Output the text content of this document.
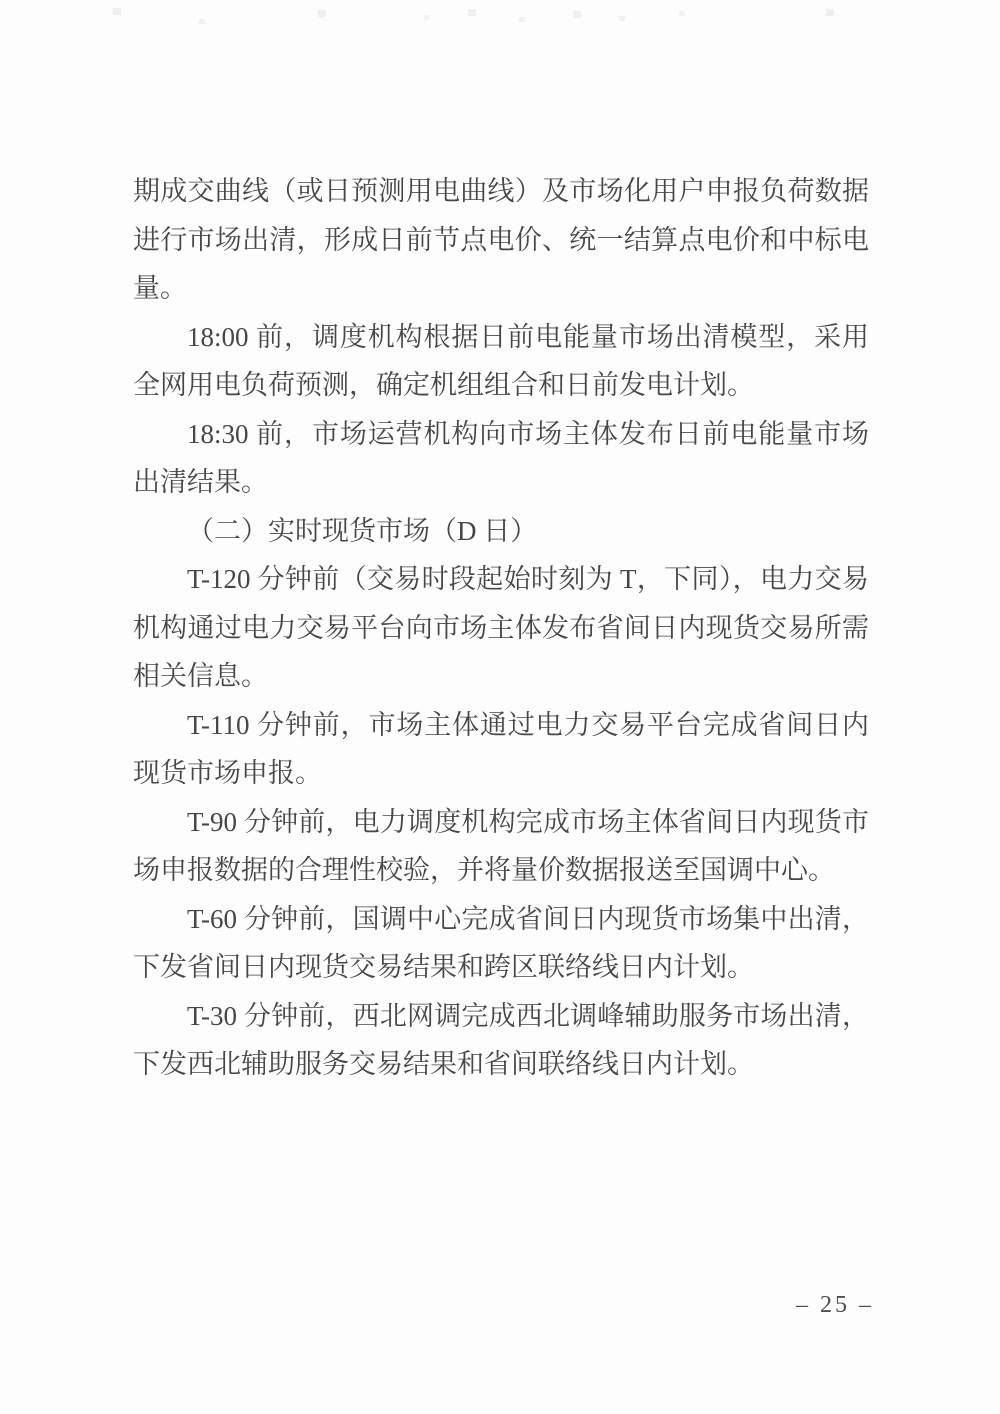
期成交曲线（或日预测用电曲线）及市场化用户申报负荷数据进行市场出清，形成日前节点电价、统一结算点电价和中标电量。

18:00 前，调度机构根据日前电能量市场出清模型，采用全网用电负荷预测，确定机组组合和日前发电计划。

18:30 前，市场运营机构向市场主体发布日前电能量市场出清结果。

（二）实时现货市场（D 日）

T-120 分钟前（交易时段起始时刻为 T，下同），电力交易机构通过电力交易平台向市场主体发布省间日内现货交易所需相关信息。

T-110 分钟前，市场主体通过电力交易平台完成省间日内现货市场申报。

T-90 分钟前，电力调度机构完成市场主体省间日内现货市场申报数据的合理性校验，并将量价数据报送至国调中心。

T-60 分钟前，国调中心完成省间日内现货市场集中出清，下发省间日内现货交易结果和跨区联络线日内计划。

T-30 分钟前，西北网调完成西北调峰辅助服务市场出清，下发西北辅助服务交易结果和省间联络线日内计划。

– 25 –
